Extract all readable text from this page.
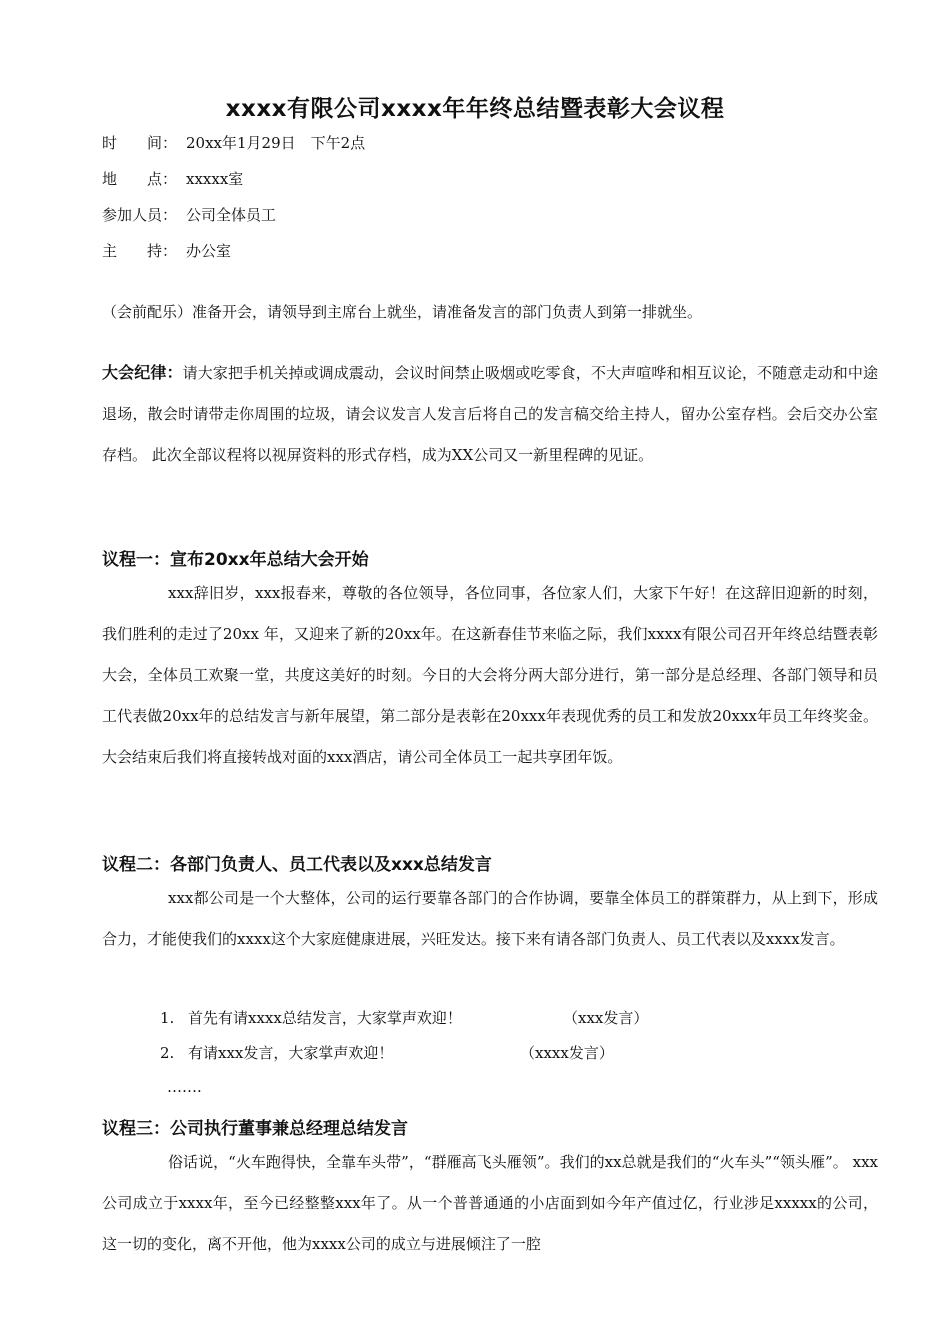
xxxx有限公司xxxx年年终总结暨表彰大会议程
时　　间： 20xx年1月29日　下午2点
地　　点： xxxxx室
参加人员： 公司全体员工
主　　持： 办公室

（会前配乐）准备开会，请领导到主席台上就坐，请准备发言的部门负责人到第一排就坐。

大会纪律：请大家把手机关掉或调成震动，会议时间禁止吸烟或吃零食，不大声喧哗和相互议论，不随意走动和中途退场，散会时请带走你周围的垃圾，请会议发言人发言后将自己的发言稿交给主持人，留办公室存档。会后交办公室存档。 此次全部议程将以视屏资料的形式存档，成为XX公司又一新里程碑的见证。

议程一：宣布20xx年总结大会开始

xxx辞旧岁，xxx报春来，尊敬的各位领导，各位同事，各位家人们，大家下午好！在这辞旧迎新的时刻，我们胜利的走过了20xx 年，又迎来了新的20xx年。在这新春佳节来临之际，我们xxxx有限公司召开年终总结暨表彰大会，全体员工欢聚一堂，共度这美好的时刻。今日的大会将分两大部分进行，第一部分是总经理、各部门领导和员工代表做20xx年的总结发言与新年展望，第二部分是表彰在20xxx年表现优秀的员工和发放20xxx年员工年终奖金。大会结束后我们将直接转战对面的xxx酒店，请公司全体员工一起共享团年饭。

议程二：各部门负责人、员工代表以及xxx总结发言

xxx都公司是一个大整体，公司的运行要靠各部门的合作协调，要靠全体员工的群策群力，从上到下，形成合力，才能使我们的xxxx这个大家庭健康进展，兴旺发达。接下来有请各部门负责人、员工代表以及xxxx发言。

1. 首先有请xxxx总结发言，大家掌声欢迎！	（xxx发言）
2. 有请xxx发言，大家掌声欢迎！	（xxxx发言）
…….
议程三：公司执行董事兼总经理总结发言

俗话说，“火车跑得快，全靠车头带”，“群雁高飞头雁领”。我们的xx总就是我们的“火车头”“领头雁”。 xxx公司成立于xxxx年，至今已经整整xxx年了。从一个普普通通的小店面到如今年产值过亿，行业涉足xxxxx的公司，这一切的变化，离不开他，他为xxxx公司的成立与进展倾注了一腔
